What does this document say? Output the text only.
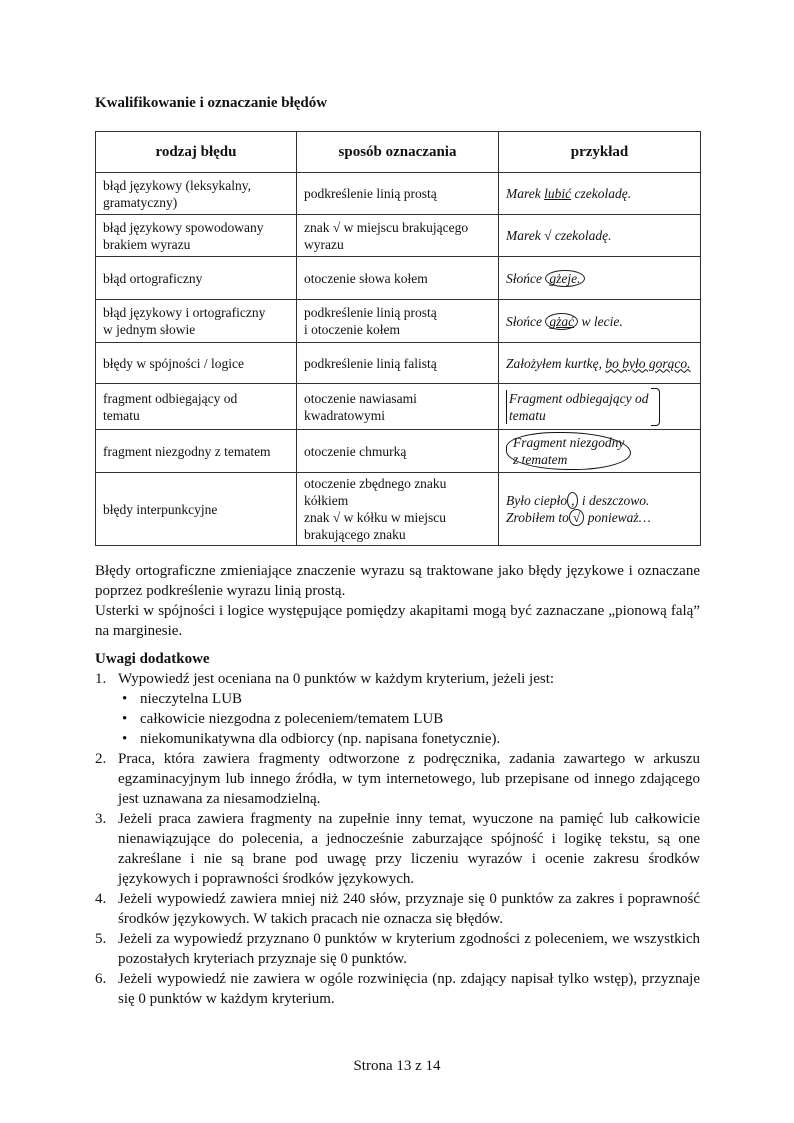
Kwalifikowanie i oznaczanie błędów
rodzaj błędu	sposób oznaczania	przykład

błąd językowy (leksykalny,
gramatyczny)	podkreślenie linią prostą	Marek lubić czekoladę.

błąd językowy spowodowany
brakiem wyrazu	znak √ w miejscu brakującego
wyrazu	Marek √ czekoladę.

błąd ortograficzny	otoczenie słowa kołem	Słońce gżeje.

błąd językowy i ortograficzny
w jednym słowie	podkreślenie linią prostą
i otoczenie kołem	Słońce gżać w lecie.

błędy w spójności / logice	podkreślenie linią falistą	Założyłem kurtkę, bo było gorąco.

fragment odbiegający od
tematu	otoczenie nawiasami
kwadratowymi	Fragment odbiegający od
tematu

fragment niezgodny z tematem	otoczenie chmurką	Fragment niezgodny
z tematem

błędy interpunkcyjne	otoczenie zbędnego znaku
kółkiem
znak √ w kółku w miejscu
brakującego znaku	Było ciepło , i deszczowo.
Zrobiłem to √ ponieważ…
Błędy ortograficzne zmieniające znaczenie wyrazu są traktowane jako błędy językowe i oznaczane poprzez podkreślenie wyrazu linią prostą.
Usterki w spójności i logice występujące pomiędzy akapitami mogą być zaznaczane „pionową falą” na marginesie.
Uwagi dodatkowe
1. Wypowiedź jest oceniana na 0 punktów w każdym kryterium, jeżeli jest:
• nieczytelna LUB
• całkowicie niezgodna z poleceniem/tematem LUB
• niekomunikatywna dla odbiorcy (np. napisana fonetycznie).
2. Praca, która zawiera fragmenty odtworzone z podręcznika, zadania zawartego w arkuszu egzaminacyjnym lub innego źródła, w tym internetowego, lub przepisane od innego zdającego jest uznawana za niesamodzielną.
3. Jeżeli praca zawiera fragmenty na zupełnie inny temat, wyuczone na pamięć lub całkowicie nienawiązujące do polecenia, a jednocześnie zaburzające spójność i logikę tekstu, są one zakreślane i nie są brane pod uwagę przy liczeniu wyrazów i ocenie zakresu środków językowych i poprawności środków językowych.
4. Jeżeli wypowiedź zawiera mniej niż 240 słów, przyznaje się 0 punktów za zakres i poprawność środków językowych. W takich pracach nie oznacza się błędów.
5. Jeżeli za wypowiedź przyznano 0 punktów w kryterium zgodności z poleceniem, we wszystkich pozostałych kryteriach przyznaje się 0 punktów.
6. Jeżeli wypowiedź nie zawiera w ogóle rozwinięcia (np. zdający napisał tylko wstęp), przyznaje się 0 punktów w każdym kryterium.
Strona 13 z 14
